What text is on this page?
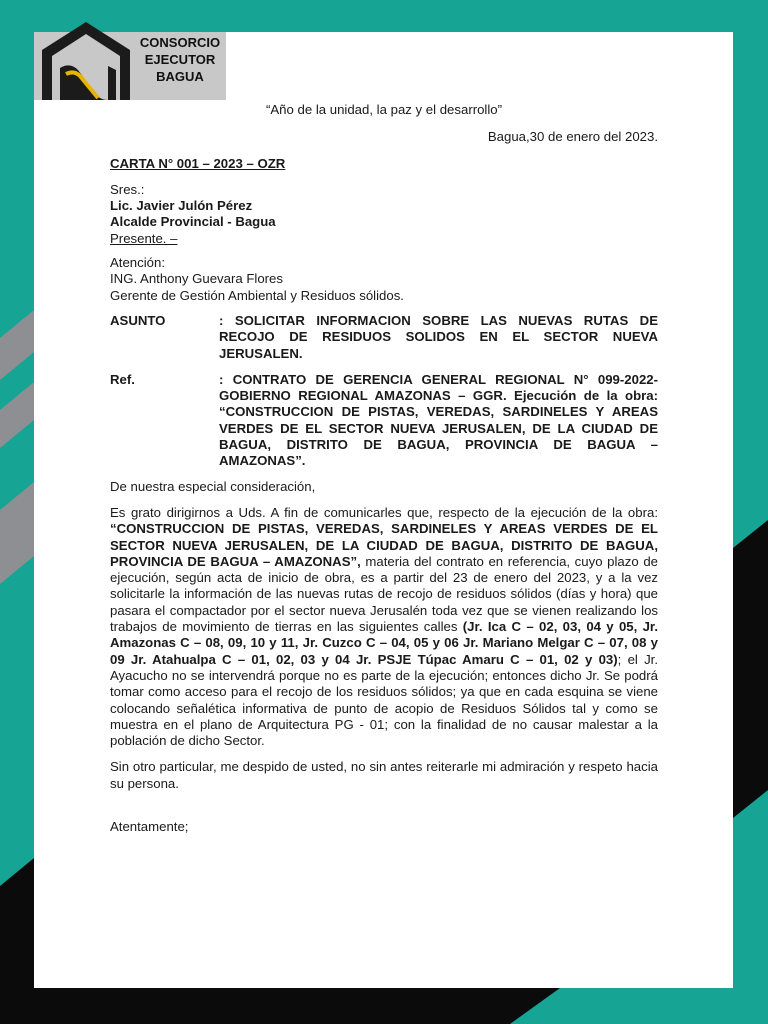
CONSORCIO
EJECUTOR
BAGUA

“Año de la unidad, la paz y el desarrollo”

Bagua,30 de enero del 2023.

CARTA N° 001 – 2023 – OZR

Sres.:

Lic. Javier Julón Pérez

Alcalde Provincial - Bagua

Presente. –

Atención:

ING. Anthony Guevara Flores

Gerente de Gestión Ambiental y Residuos sólidos.

ASUNTO	: SOLICITAR INFORMACION SOBRE LAS NUEVAS RUTAS DE RECOJO DE RESIDUOS SOLIDOS EN EL SECTOR NUEVA JERUSALEN.
Ref.	: CONTRATO DE GERENCIA GENERAL REGIONAL N° 099-2022-GOBIERNO REGIONAL AMAZONAS – GGR. Ejecución de la obra: “CONSTRUCCION DE PISTAS, VEREDAS, SARDINELES Y AREAS VERDES DE EL SECTOR NUEVA JERUSALEN, DE LA CIUDAD DE BAGUA, DISTRITO DE BAGUA, PROVINCIA DE BAGUA – AMAZONAS”.

De nuestra especial consideración,

Es grato dirigirnos a Uds. A fin de comunicarles que, respecto de la ejecución de la obra: “CONSTRUCCION DE PISTAS, VEREDAS, SARDINELES Y AREAS VERDES DE EL SECTOR NUEVA JERUSALEN, DE LA CIUDAD DE BAGUA, DISTRITO DE BAGUA, PROVINCIA DE BAGUA – AMAZONAS”, materia del contrato en referencia, cuyo plazo de ejecución, según acta de inicio de obra, es a partir del 23 de enero del 2023, y a la vez solicitarle la información de las nuevas rutas de recojo de residuos sólidos (días y hora) que pasara el compactador por el sector nueva Jerusalén toda vez que se vienen realizando los trabajos de movimiento de tierras en las siguientes calles (Jr. Ica C – 02, 03, 04 y 05, Jr. Amazonas C – 08, 09, 10 y 11, Jr. Cuzco C – 04, 05 y 06 Jr. Mariano Melgar C – 07, 08 y 09 Jr. Atahualpa C – 01, 02, 03 y 04 Jr. PSJE Túpac Amaru C – 01, 02 y 03); el Jr. Ayacucho no se intervendrá porque no es parte de la ejecución; entonces dicho Jr. Se podrá tomar como acceso para el recojo de los residuos sólidos; ya que en cada esquina se viene colocando señalética informativa de punto de acopio de Residuos Sólidos tal y como se muestra en el plano de Arquitectura PG - 01; con la finalidad de no causar malestar a la población de dicho Sector.

Sin otro particular, me despido de usted, no sin antes reiterarle mi admiración y respeto hacia su persona.

Atentamente;
